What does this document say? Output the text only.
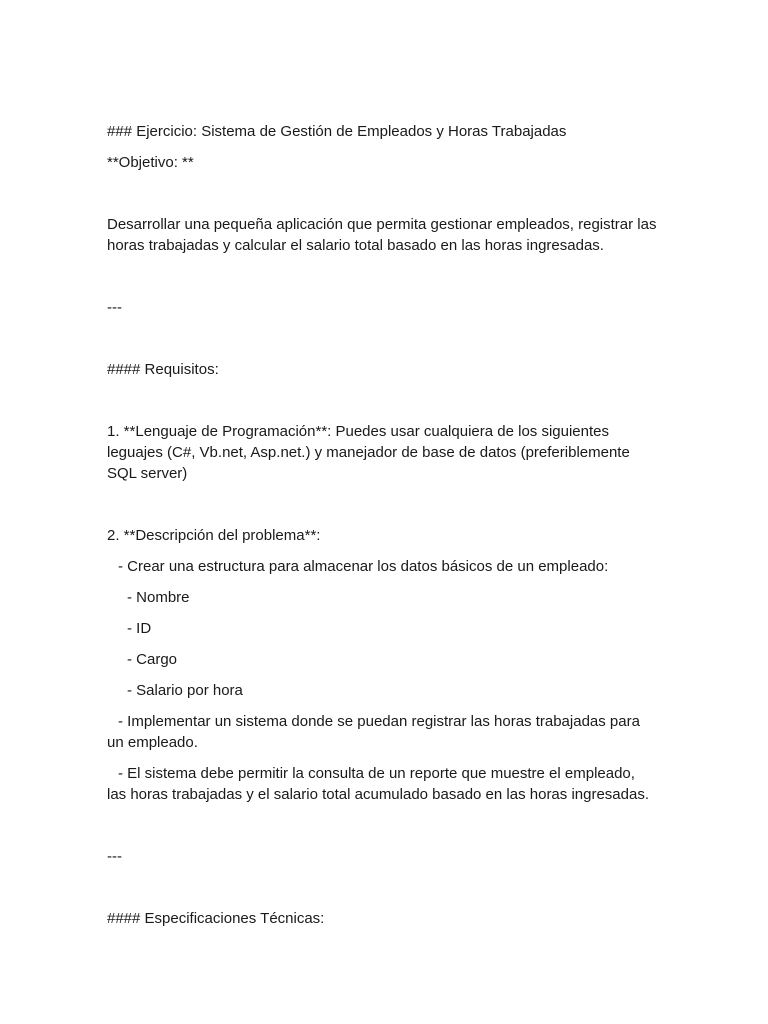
### Ejercicio: Sistema de Gestión de Empleados y Horas Trabajadas

**Objetivo: **

Desarrollar una pequeña aplicación que permita gestionar empleados, registrar las

horas trabajadas y calcular el salario total basado en las horas ingresadas.

---

#### Requisitos:

1. **Lenguaje de Programación**: Puedes usar cualquiera de los siguientes

leguajes (C#, Vb.net, Asp.net.) y manejador de base de datos (preferiblemente

SQL server)

2. **Descripción del problema**:

- Crear una estructura para almacenar los datos básicos de un empleado:

- Nombre

- ID

- Cargo

- Salario por hora

- Implementar un sistema donde se puedan registrar las horas trabajadas para

un empleado.

- El sistema debe permitir la consulta de un reporte que muestre el empleado,

las horas trabajadas y el salario total acumulado basado en las horas ingresadas.

---

#### Especificaciones Técnicas:
